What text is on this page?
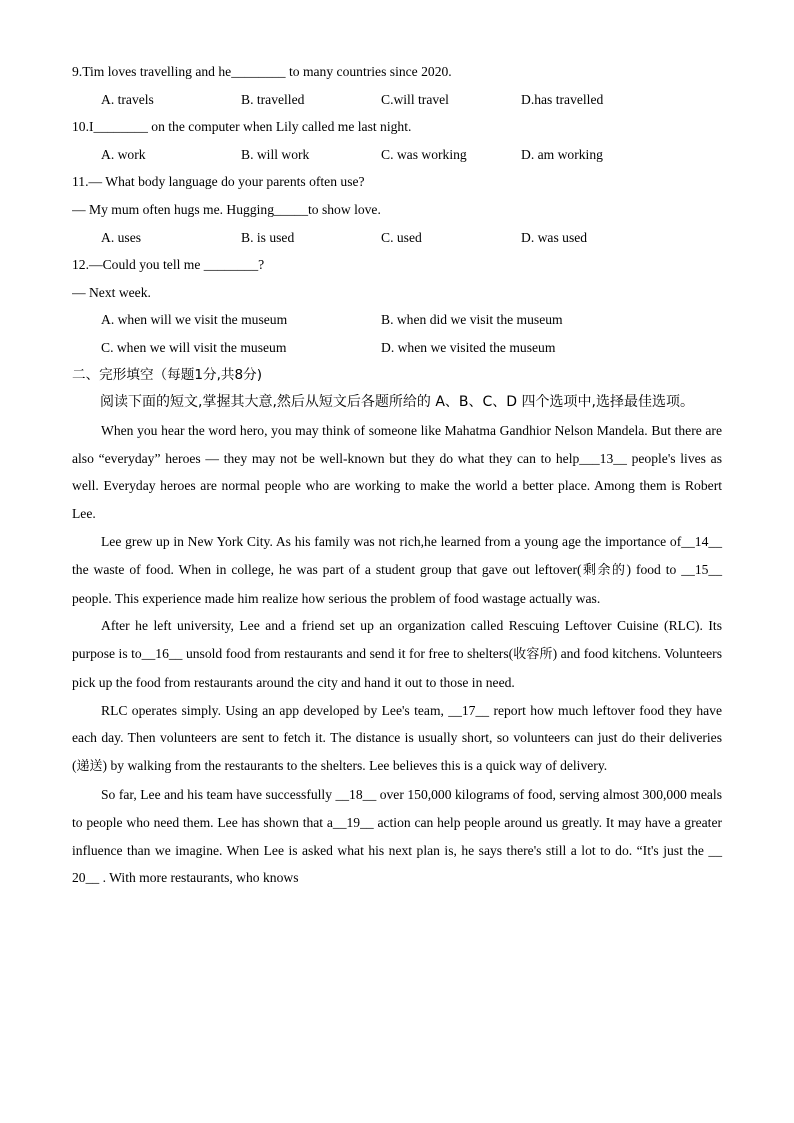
9.Tim loves travelling and he________ to many countries since 2020.
A. travels	B. travelled	C.will travel	D.has travelled
10.I________ on the computer when Lily called me last night.
A. work	B. will work	C. was working	D. am working
11.— What body language do your parents often use?
— My mum often hugs me. Hugging_____to show love.
A. uses	B. is used	C. used	D. was used
12.—Could you tell me ________?
— Next week.
A. when will we visit the museum	B. when did we visit the museum
C. when we will visit the museum	D. when we visited the museum
二、完形填空（每题1分,共8分)
阅读下面的短文,掌握其大意,然后从短文后各题所给的 A、B、C、D 四个选项中,选择最佳选项。

When you hear the word hero, you may think of someone like Mahatma Gandhior Nelson Mandela. But there are also “everyday” heroes — they may not be well-known but they do what they can to help___13__ people's lives as well. Everyday heroes are normal people who are working to make the world a better place. Among them is Robert Lee.

Lee grew up in New York City. As his family was not rich,he learned from a young age the importance of__14__ the waste of food. When in college, he was part of a student group that gave out leftover(剩余的) food to __15__ people. This experience made him realize how serious the problem of food wastage actually was.

After he left university, Lee and a friend set up an organization called Rescuing Leftover Cuisine (RLC). Its purpose is to__16__ unsold food from restaurants and send it for free to shelters(收容所) and food kitchens. Volunteers pick up the food from restaurants around the city and hand it out to those in need.

RLC operates simply. Using an app developed by Lee's team, __17__ report how much leftover food they have each day. Then volunteers are sent to fetch it. The distance is usually short, so volunteers can just do their deliveries (递送) by walking from the restaurants to the shelters. Lee believes this is a quick way of delivery.

So far, Lee and his team have successfully __18__ over 150,000 kilograms of food, serving almost 300,000 meals to people who need them. Lee has shown that a__19__ action can help people around us greatly. It may have a greater influence than we imagine. When Lee is asked what his next plan is, he says there's still a lot to do. “It's just the __ 20__ . With more restaurants, who knows
